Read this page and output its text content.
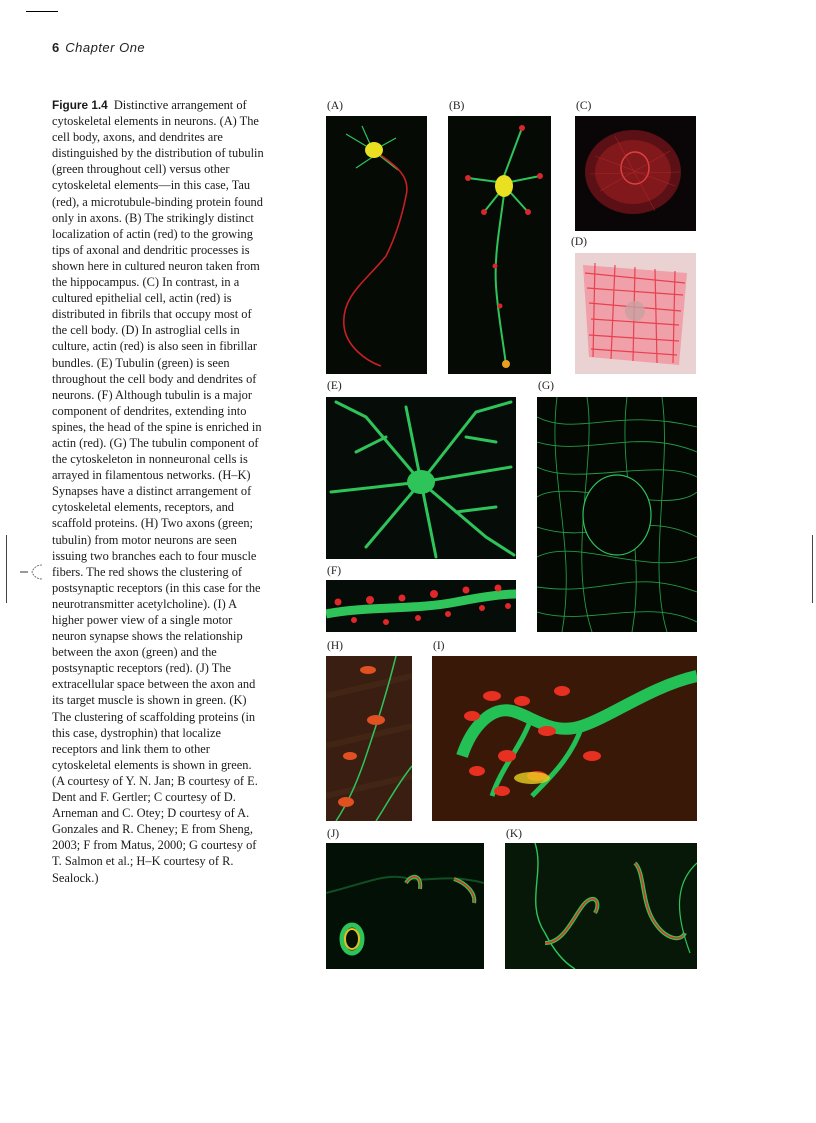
6 Chapter One
Figure 1.4 Distinctive arrangement of cytoskeletal elements in neurons. (A) The cell body, axons, and dendrites are distinguished by the distribution of tubulin (green throughout cell) versus other cytoskeletal elements—in this case, Tau (red), a microtubule-binding protein found only in axons. (B) The strikingly distinct localization of actin (red) to the growing tips of axonal and dendritic processes is shown here in cultured neuron taken from the hippocampus. (C) In contrast, in a cultured epithelial cell, actin (red) is distributed in fibrils that occupy most of the cell body. (D) In astroglial cells in culture, actin (red) is also seen in fibrillar bundles. (E) Tubulin (green) is seen throughout the cell body and dendrites of neurons. (F) Although tubulin is a major component of dendrites, extending into spines, the head of the spine is enriched in actin (red). (G) The tubulin component of the cytoskeleton in nonneuronal cells is arrayed in filamentous networks. (H–K) Synapses have a distinct arrangement of cytoskeletal elements, receptors, and scaffold proteins. (H) Two axons (green; tubulin) from motor neurons are seen issuing two branches each to four muscle fibers. The red shows the clustering of postsynaptic receptors (in this case for the neurotransmitter acetylcholine). (I) A higher power view of a single motor neuron synapse shows the relationship between the axon (green) and the postsynaptic receptors (red). (J) The extracellular space between the axon and its target muscle is shown in green. (K) The clustering of scaffolding proteins (in this case, dystrophin) that localize receptors and link them to other cytoskeletal elements is shown in green. (A courtesy of Y. N. Jan; B courtesy of E. Dent and F. Gertler; C courtesy of D. Arneman and C. Otey; D courtesy of A. Gonzales and R. Cheney; E from Sheng, 2003; F from Matus, 2000; G courtesy of T. Salmon et al.; H–K courtesy of R. Sealock.)
(A)	(B)	(C)
(D)
(E)	(G)
(F)
(H)	(I)
(J)	(K)
